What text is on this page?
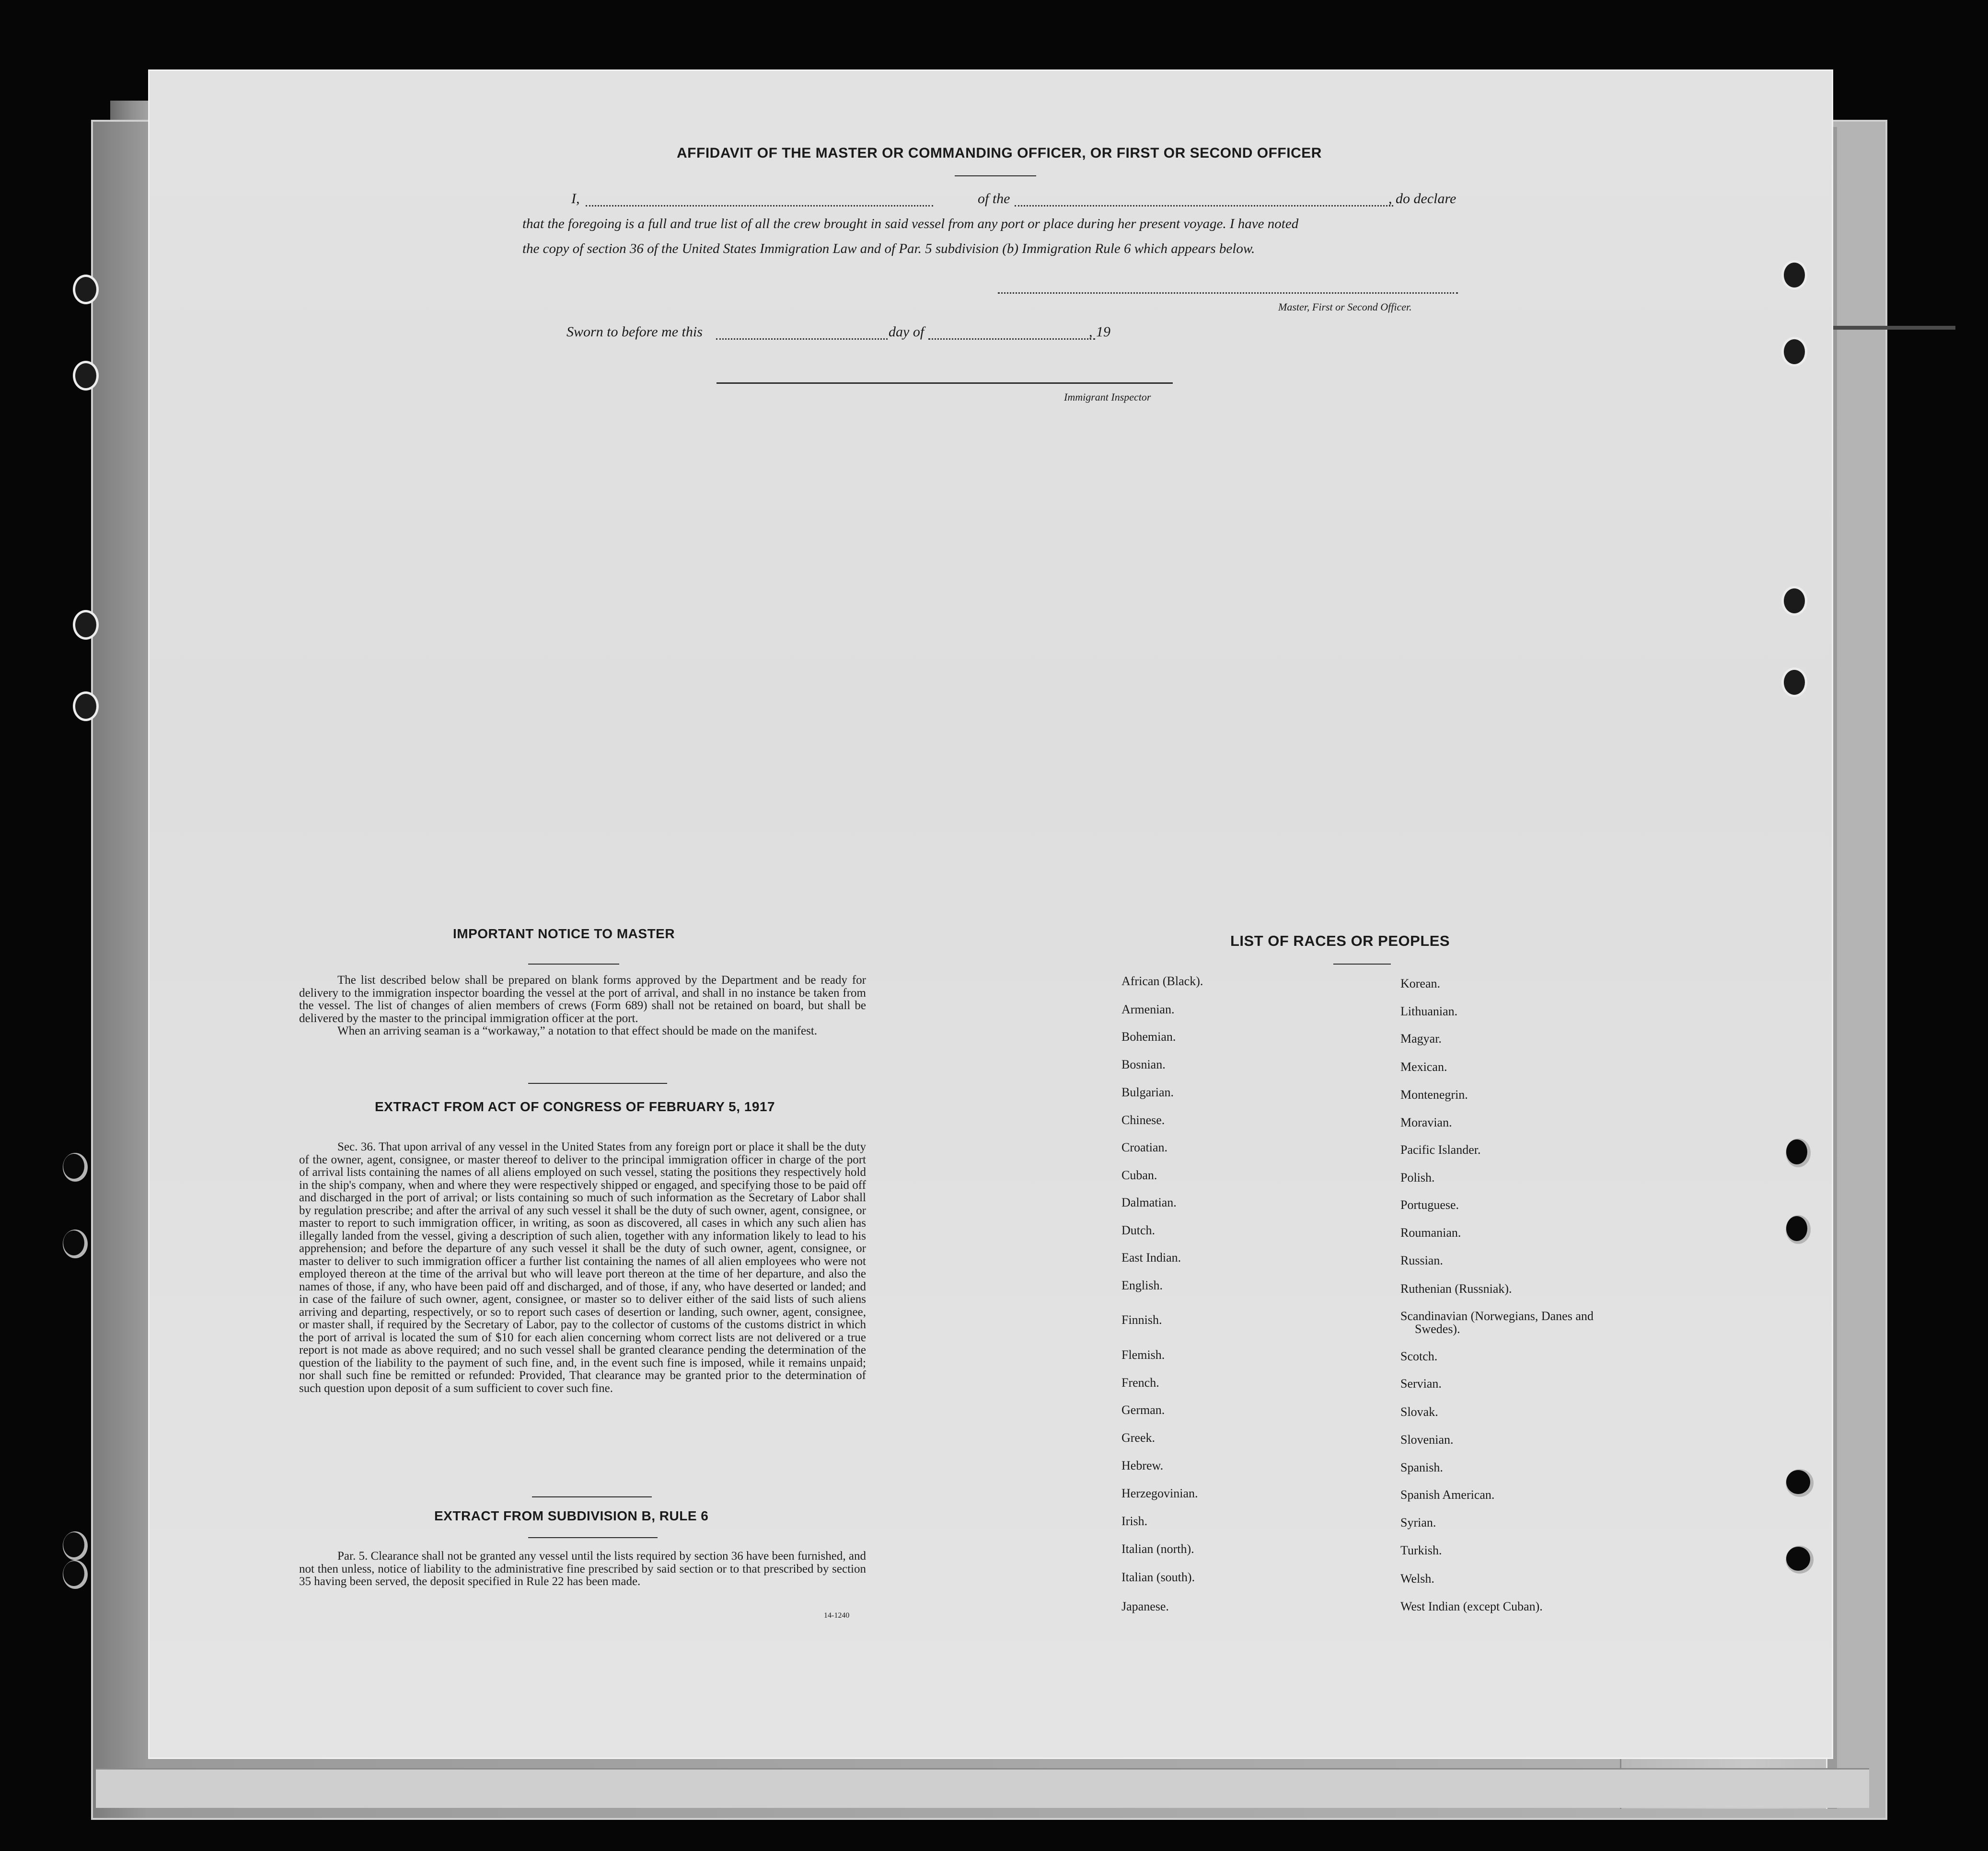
AFFIDAVIT OF THE MASTER OR COMMANDING OFFICER, OR FIRST OR SECOND OFFICER
I,	of the	, do declare
that the foregoing is a full and true list of all the crew brought in said vessel from any port or place during her present voyage. I have noted
the copy of section 36 of the United States Immigration Law and of Par. 5 subdivision (b) Immigration Rule 6 which appears below.
Master, First or Second Officer.
Sworn to before me this	day of	, 19
Immigrant Inspector
IMPORTANT NOTICE TO MASTER

The list described below shall be prepared on blank forms approved by the Department and be ready for delivery to the immigration inspector boarding the vessel at the port of arrival, and shall in no instance be taken from the vessel. The list of changes of alien members of crews (Form 689) shall not be retained on board, but shall be delivered by the master to the principal immigration officer at the port.

When an arriving seaman is a “workaway,” a notation to that effect should be made on the manifest.

EXTRACT FROM ACT OF CONGRESS OF FEBRUARY 5, 1917

Sec. 36. That upon arrival of any vessel in the United States from any foreign port or place it shall be the duty of the owner, agent, consignee, or master thereof to deliver to the principal immigration officer in charge of the port of arrival lists containing the names of all aliens employed on such vessel, stating the positions they respectively hold in the ship's company, when and where they were respectively shipped or engaged, and specifying those to be paid off and discharged in the port of arrival; or lists containing so much of such information as the Secretary of Labor shall by regulation prescribe; and after the arrival of any such vessel it shall be the duty of such owner, agent, consignee, or master to report to such immigration officer, in writing, as soon as discovered, all cases in which any such alien has illegally landed from the vessel, giving a description of such alien, together with any information likely to lead to his apprehension; and before the departure of any such vessel it shall be the duty of such owner, agent, consignee, or master to deliver to such immigration officer a further list containing the names of all alien employees who were not employed thereon at the time of the arrival but who will leave port thereon at the time of her departure, and also the names of those, if any, who have been paid off and discharged, and of those, if any, who have deserted or landed; and in case of the failure of such owner, agent, consignee, or master so to deliver either of the said lists of such aliens arriving and departing, respectively, or so to report such cases of desertion or landing, such owner, agent, consignee, or master shall, if required by the Secretary of Labor, pay to the collector of customs of the customs district in which the port of arrival is located the sum of $10 for each alien concerning whom correct lists are not delivered or a true report is not made as above required; and no such vessel shall be granted clearance pending the determination of the question of the liability to the payment of such fine, and, in the event such fine is imposed, while it remains unpaid; nor shall such fine be remitted or refunded: Provided, That clearance may be granted prior to the determination of such question upon deposit of a sum sufficient to cover such fine.

EXTRACT FROM SUBDIVISION B, RULE 6

Par. 5. Clearance shall not be granted any vessel until the lists required by section 36 have been furnished, and not then unless, notice of liability to the administrative fine prescribed by said section or to that prescribed by section 35 having been served, the deposit specified in Rule 22 has been made.

14-1240
LIST OF RACES OR PEOPLES
African (Black).
Armenian.
Bohemian.
Bosnian.
Bulgarian.
Chinese.
Croatian.
Cuban.
Dalmatian.
Dutch.
East Indian.
English.
Finnish.
Flemish.
French.
German.
Greek.
Hebrew.
Herzegovinian.
Irish.
Italian (north).
Italian (south).
Japanese.
Korean.
Lithuanian.
Magyar.
Mexican.
Montenegrin.
Moravian.
Pacific Islander.
Polish.
Portuguese.
Roumanian.
Russian.
Ruthenian (Russniak).
Scandinavian (Norwegians, Danes and Swedes).
Scotch.
Servian.
Slovak.
Slovenian.
Spanish.
Spanish American.
Syrian.
Turkish.
Welsh.
West Indian (except Cuban).
